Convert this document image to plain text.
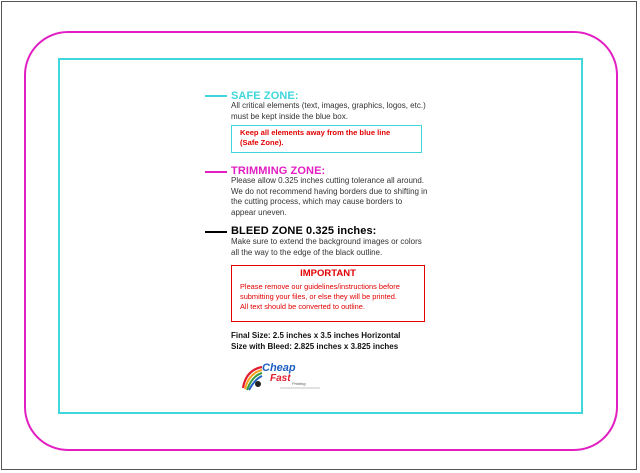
SAFE ZONE:
All critical elements (text, images, graphics, logos, etc.)
must be kept inside the blue box.
Keep all elements away from the blue line
(Safe Zone).
TRIMMING ZONE:
Please allow 0.325 inches cutting tolerance all around.
We do not recommend having borders due to shifting in
the cutting process, which may cause borders to
appear uneven.
BLEED ZONE 0.325 inches:
Make sure to extend the background images or colors
all the way to the edge of the black outline.
IMPORTANT
Please remove our guidelines/instructions before
submitting your files, or else they will be printed.
All text should be converted to outline.
Final Size: 2.5 inches x 3.5 inches Horizontal
Size with Bleed: 2.825 inches x 3.825 inches
Cheap
Fast Printing
